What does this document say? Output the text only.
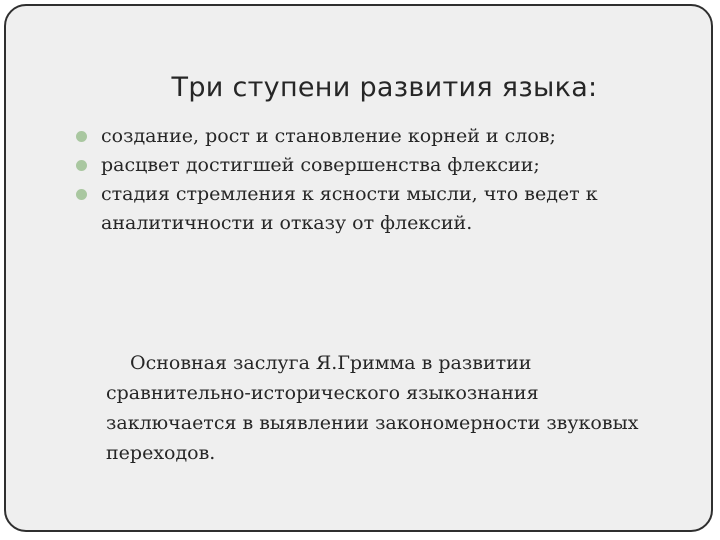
Три ступени развития языка:
создание, рост и становление корней и слов;
расцвет достигшей совершенства флексии;
стадия стремления к ясности мысли, что ведет к аналитичности и отказу от флексий.
Основная заслуга Я.Гримма в развитии сравнительно-исторического языкознания заключается в выявлении закономерности звуковых переходов.
